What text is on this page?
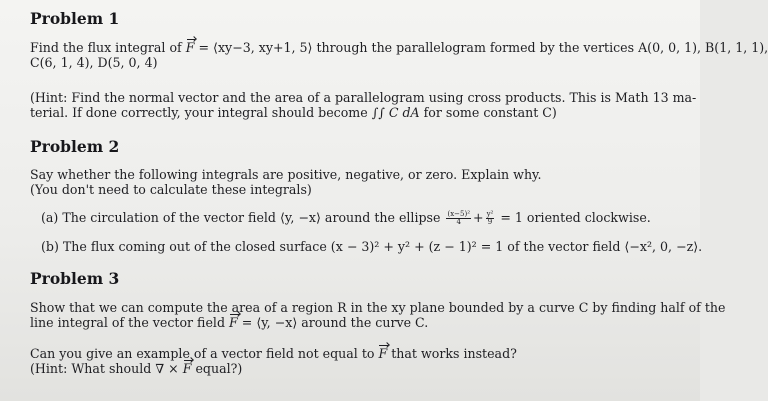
Problem 1
Find the flux integral of F = ⟨xy−3, xy+1, 5⟩ through the parallelogram formed by the vertices A(0, 0, 1), B(1, 1, 1),
C(6, 1, 4), D(5, 0, 4)
(Hint: Find the normal vector and the area of a parallelogram using cross products. This is Math 13 ma-
terial. If done correctly, your integral should become ∫∫ C dA for some constant C)
Problem 2
Say whether the following integrals are positive, negative, or zero. Explain why.
(You don't need to calculate these integrals)
(a) The circulation of the vector field ⟨y, −x⟩ around the ellipse $\frac{\text{(x−5)²}}{4} + \frac{\text{y²}}{9} = 1$ oriented clockwise.
(b) The flux coming out of the closed surface (x − 3)² + y² + (z − 1)² = 1 of the vector field ⟨−x², 0, −z⟩.
Problem 3
Show that we can compute the area of a region R in the xy plane bounded by a curve C by finding half of the
line integral of the vector field F = ⟨y, −x⟩ around the curve C.
Can you give an example of a vector field not equal to F that works instead?
(Hint: What should ∇ × F equal?)
